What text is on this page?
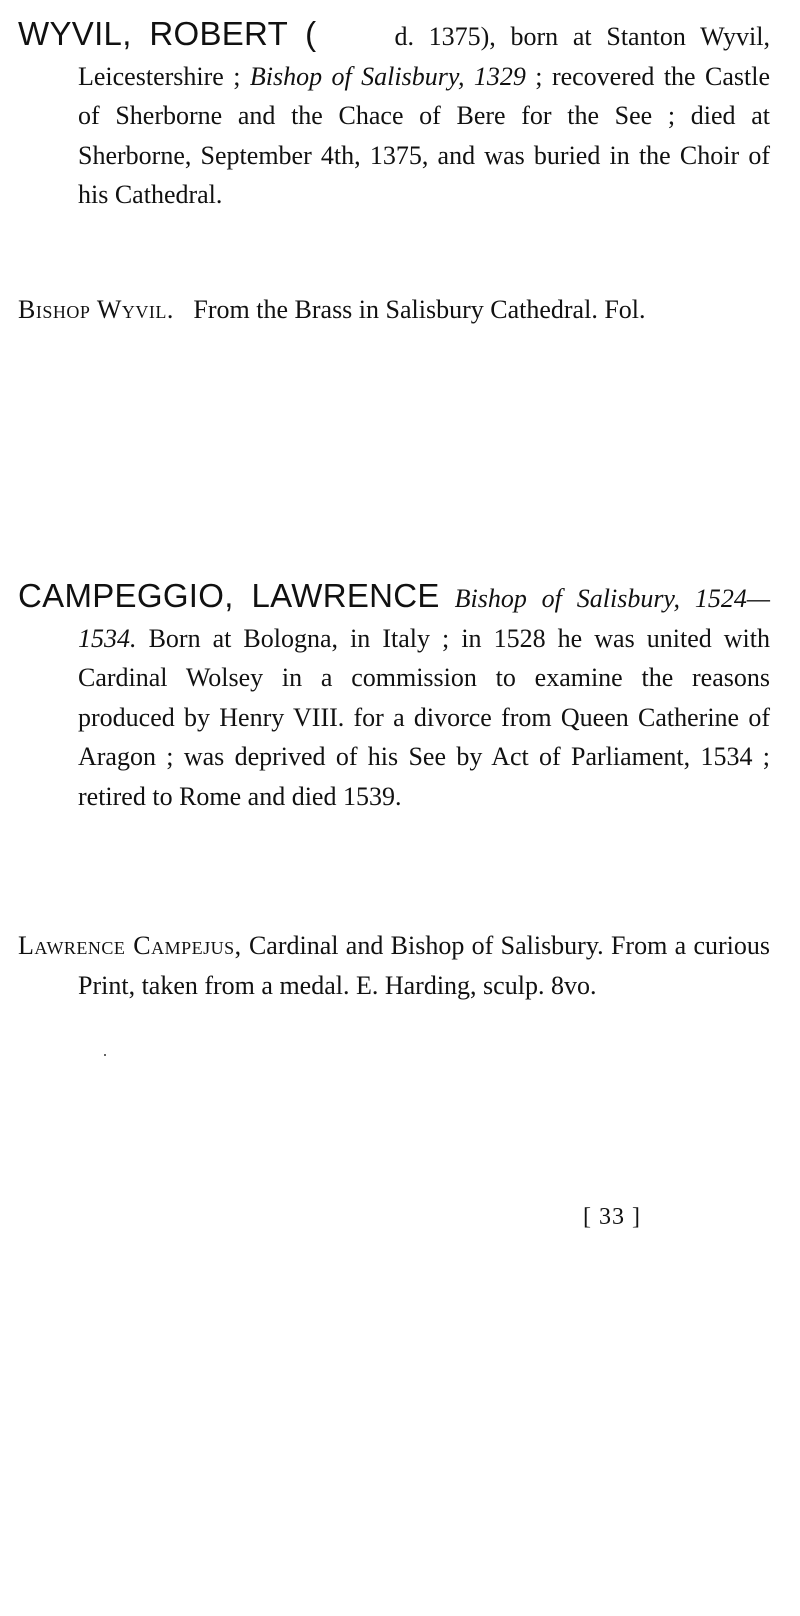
WYVIL, ROBERT (	d. 1375), born at Stanton Wyvil, Leicestershire ; Bishop of Salisbury, 1329 ; recovered the Castle of Sherborne and the Chace of Bere for the See ; died at Sherborne, September 4th, 1375, and was buried in the Choir of his Cathedral.

Bishop Wyvil. From the Brass in Salisbury Cathedral. Fol.

CAMPEGGIO, LAWRENCE Bishop of Salisbury, 1524—1534. Born at Bologna, in Italy ; in 1528 he was united with Cardinal Wolsey in a commission to examine the reasons produced by Henry VIII. for a divorce from Queen Catherine of Aragon ; was deprived of his See by Act of Parliament, 1534 ; retired to Rome and died 1539.

Lawrence Campejus, Cardinal and Bishop of Salisbury. From a curious Print, taken from a medal. E. Harding, sculp. 8vo.

[ 33 ]
